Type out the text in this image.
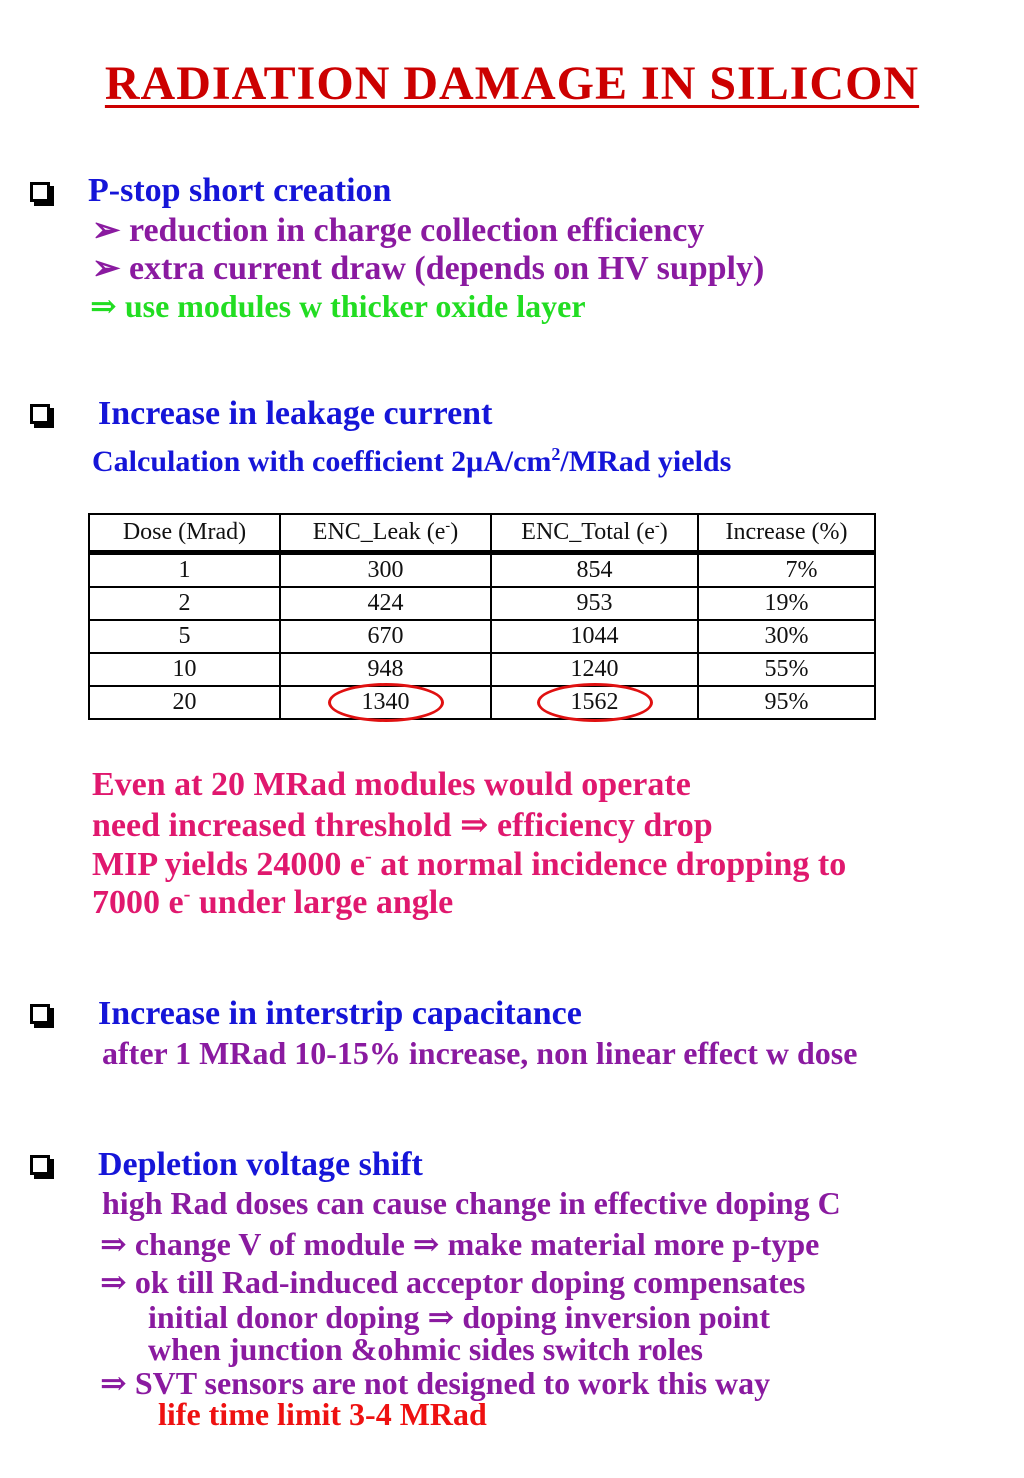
RADIATION DAMAGE IN SILICON
P-stop short creation
➢ reduction in charge collection efficiency
➢ extra current draw (depends on HV supply)
⇒ use modules w thicker oxide layer
Increase in leakage current
Calculation with coefficient $2\mu A/cm^2$/MRad yields
Dose (Mrad)	ENC_Leak (e-)	ENC_Total (e-)	Increase (%)
1	300	854	7%
2	424	953	19%
5	670	1044	30%
10	948	1240	55%
20	1340	1562	95%
Even at 20 MRad modules would operate
need increased threshold ⇒ efficiency drop
MIP yields 24000 e- at normal incidence dropping to
7000 e- under large angle
Increase in interstrip capacitance
after 1 MRad 10-15% increase, non linear effect w dose
Depletion voltage shift
high Rad doses can cause change in effective doping C
⇒ change V of module ⇒ make material more p-type
⇒ ok till Rad-induced acceptor doping compensates
initial donor doping ⇒ doping inversion point
when junction &ohmic sides switch roles
⇒ SVT sensors are not designed to work this way
life time limit 3-4 MRad
